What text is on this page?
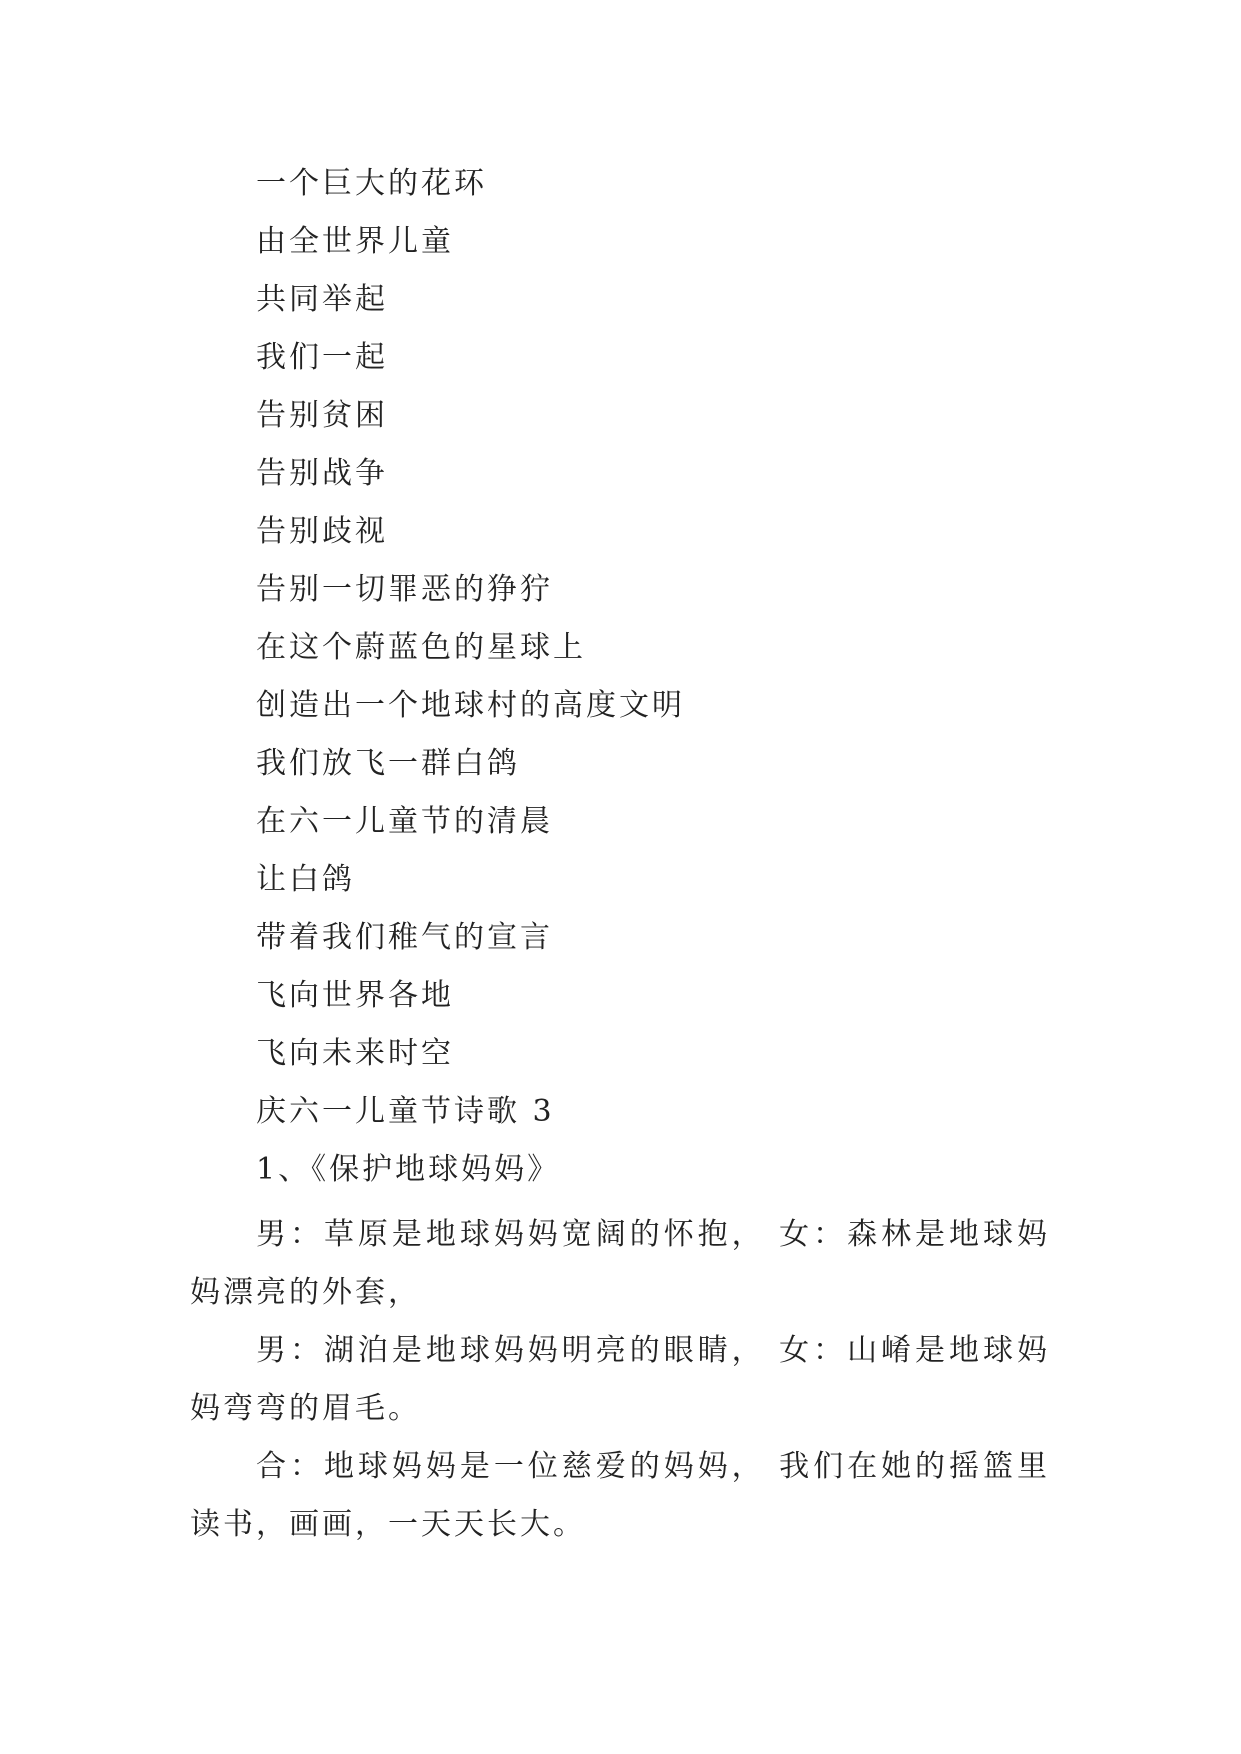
一个巨大的花环
由全世界儿童
共同举起
我们一起
告别贫困
告别战争
告别歧视
告别一切罪恶的狰狞
在这个蔚蓝色的星球上
创造出一个地球村的高度文明
我们放飞一群白鸽
在六一儿童节的清晨
让白鸽
带着我们稚气的宣言
飞向世界各地
飞向未来时空
庆六一儿童节诗歌 3
1、《保护地球妈妈》
男：草原是地球妈妈宽阔的怀抱， 女：森林是地球妈妈漂亮的外套，
男：湖泊是地球妈妈明亮的眼睛， 女：山崤是地球妈妈弯弯的眉毛。
合：地球妈妈是一位慈爱的妈妈， 我们在她的摇篮里读书，画画，一天天长大。
